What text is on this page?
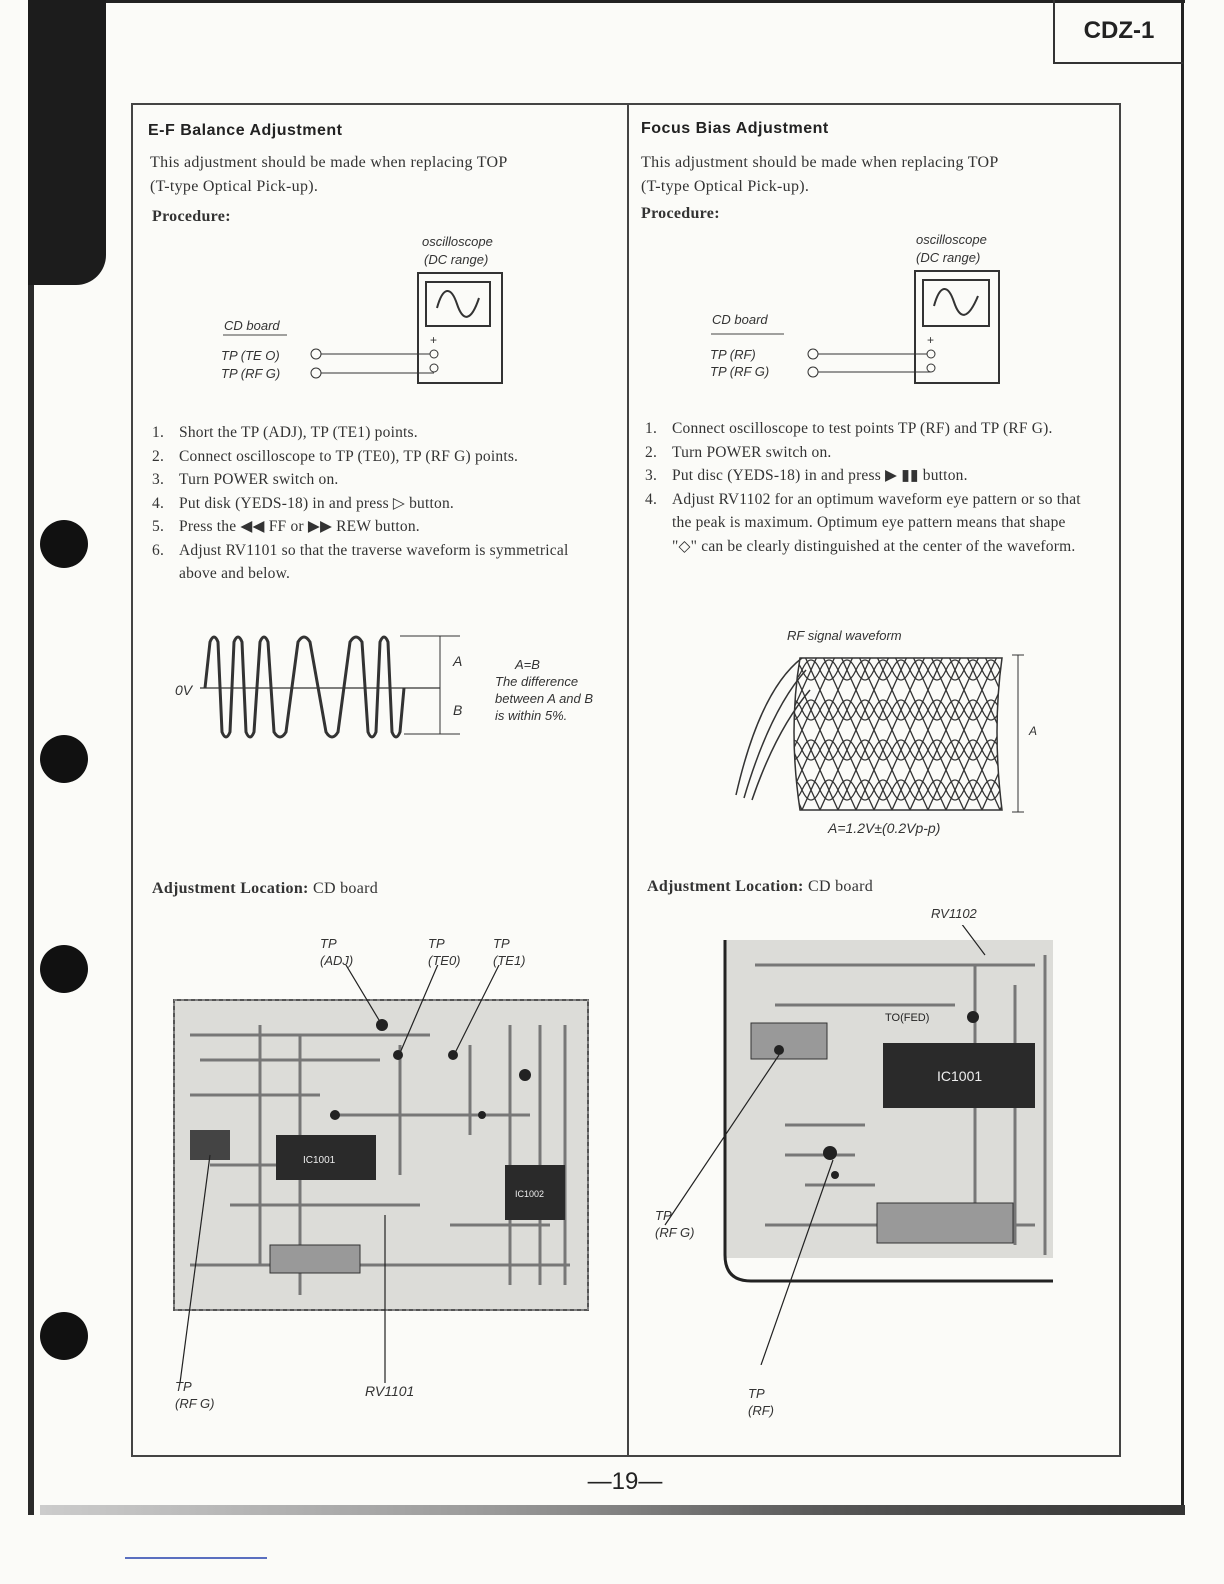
CDZ-1
E-F Balance Adjustment
This adjustment should be made when replacing TOP
(T-type Optical Pick-up).
Procedure:
oscilloscope
(DC range)
CD board
TP (TE O)
TP (RF G)
+
1. Short the TP (ADJ), TP (TE1) points.
2. Connect oscilloscope to TP (TE0), TP (RF G) points.
3. Turn POWER switch on.
4. Put disk (YEDS-18) in and press ▷ button.
5. Press the ◀◀ FF or ▶▶ REW button.
6. Adjust RV1101 so that the traverse waveform is symmetrical above and below.
0V
A
B
A=B
The difference
between A and B
is within 5%.
Adjustment Location: CD board
TP
(ADJ)
TP
(TE0)
TP
(TE1)
IC1001
IC1002
TP
(RF G)
RV1101
Focus Bias Adjustment
This adjustment should be made when replacing TOP
(T-type Optical Pick-up).
Procedure:
oscilloscope
(DC range)
CD board
TP (RF)
TP (RF G)
+
1. Connect oscilloscope to test points TP (RF) and TP (RF G).
2. Turn POWER switch on.
3. Put disc (YEDS-18) in and press ▶ ▮▮ button.
4. Adjust RV1102 for an optimum waveform eye pattern or so that the peak is maximum. Optimum eye pattern means that shape "◇" can be clearly distinguished at the center of the waveform.
RF signal waveform
A
A=1.2V±(0.2Vp-p)
Adjustment Location: CD board
RV1102
IC1001
TO(FED)
TP
(RF G)
TP
(RF)
—19—
